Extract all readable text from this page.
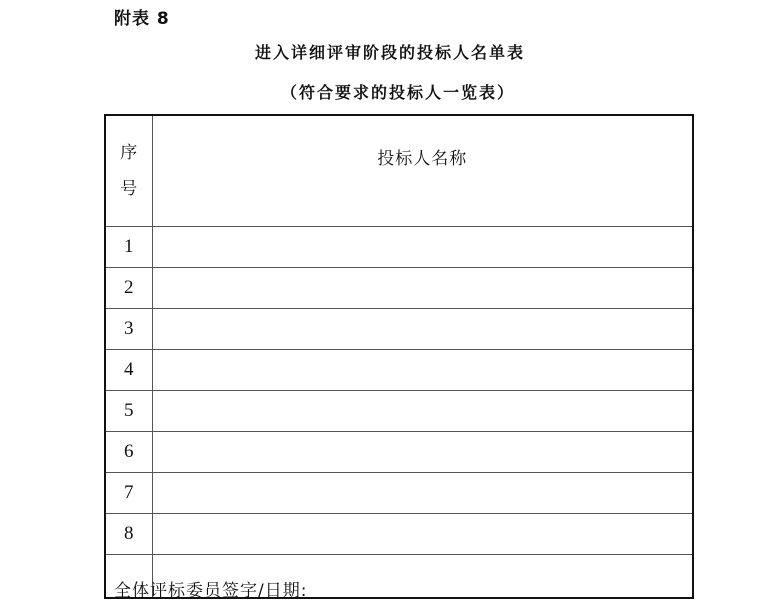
附表 8
进入详细评审阶段的投标人名单表
（符合要求的投标人一览表）
序
号	投标人名称
1	
2	
3	
4	
5	
6	
7	
8	

全体评标委员签字/日期:
